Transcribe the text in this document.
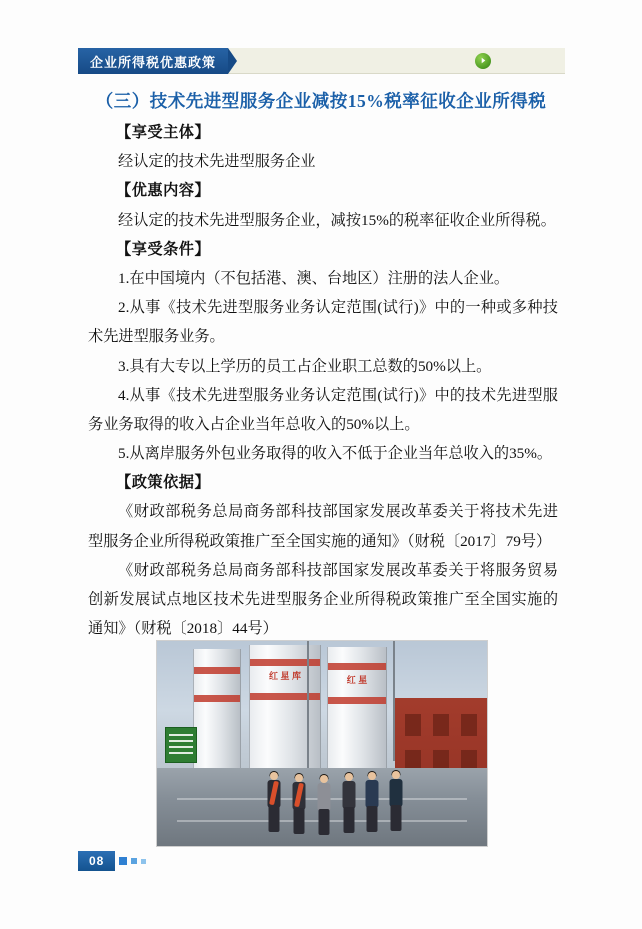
企业所得税优惠政策
（三）技术先进型服务企业减按15%税率征收企业所得税
【享受主体】
经认定的技术先进型服务企业
【优惠内容】
经认定的技术先进型服务企业，减按15%的税率征收企业所得税。
【享受条件】
1.在中国境内（不包括港、澳、台地区）注册的法人企业。
2.从事《技术先进型服务业务认定范围(试行)》中的一种或多种技术先进型服务业务。
3.具有大专以上学历的员工占企业职工总数的50%以上。
4.从事《技术先进型服务业务认定范围(试行)》中的技术先进型服务业务取得的收入占企业当年总收入的50%以上。
5.从离岸服务外包业务取得的收入不低于企业当年总收入的35%。
【政策依据】
《财政部税务总局商务部科技部国家发展改革委关于将技术先进型服务企业所得税政策推广至全国实施的通知》（财税〔2017〕79号）
《财政部税务总局商务部科技部国家发展改革委关于将服务贸易创新发展试点地区技术先进型服务企业所得税政策推广至全国实施的通知》（财税〔2018〕44号）
红 星 库	红 星
08
